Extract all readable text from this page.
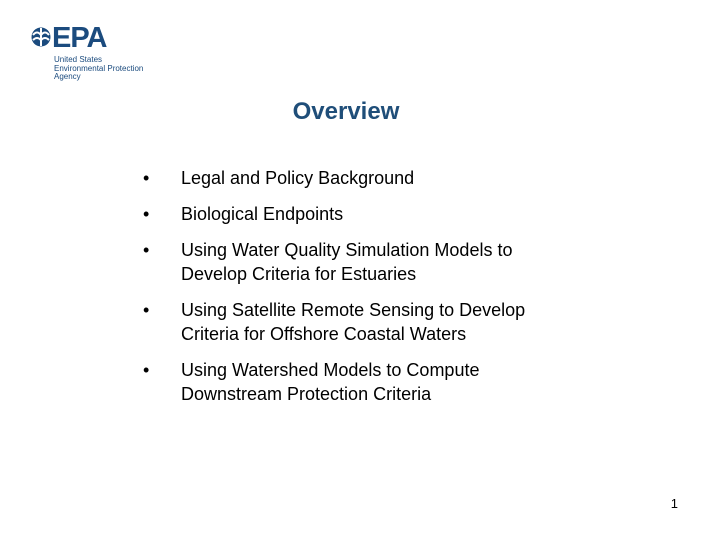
EPA
United States
Environmental Protection
Agency
Overview
• Legal and Policy Background
• Biological Endpoints
• Using Water Quality Simulation Models to Develop Criteria for Estuaries
• Using Satellite Remote Sensing to Develop Criteria for Offshore Coastal Waters
• Using Watershed Models to Compute Downstream Protection Criteria
1
